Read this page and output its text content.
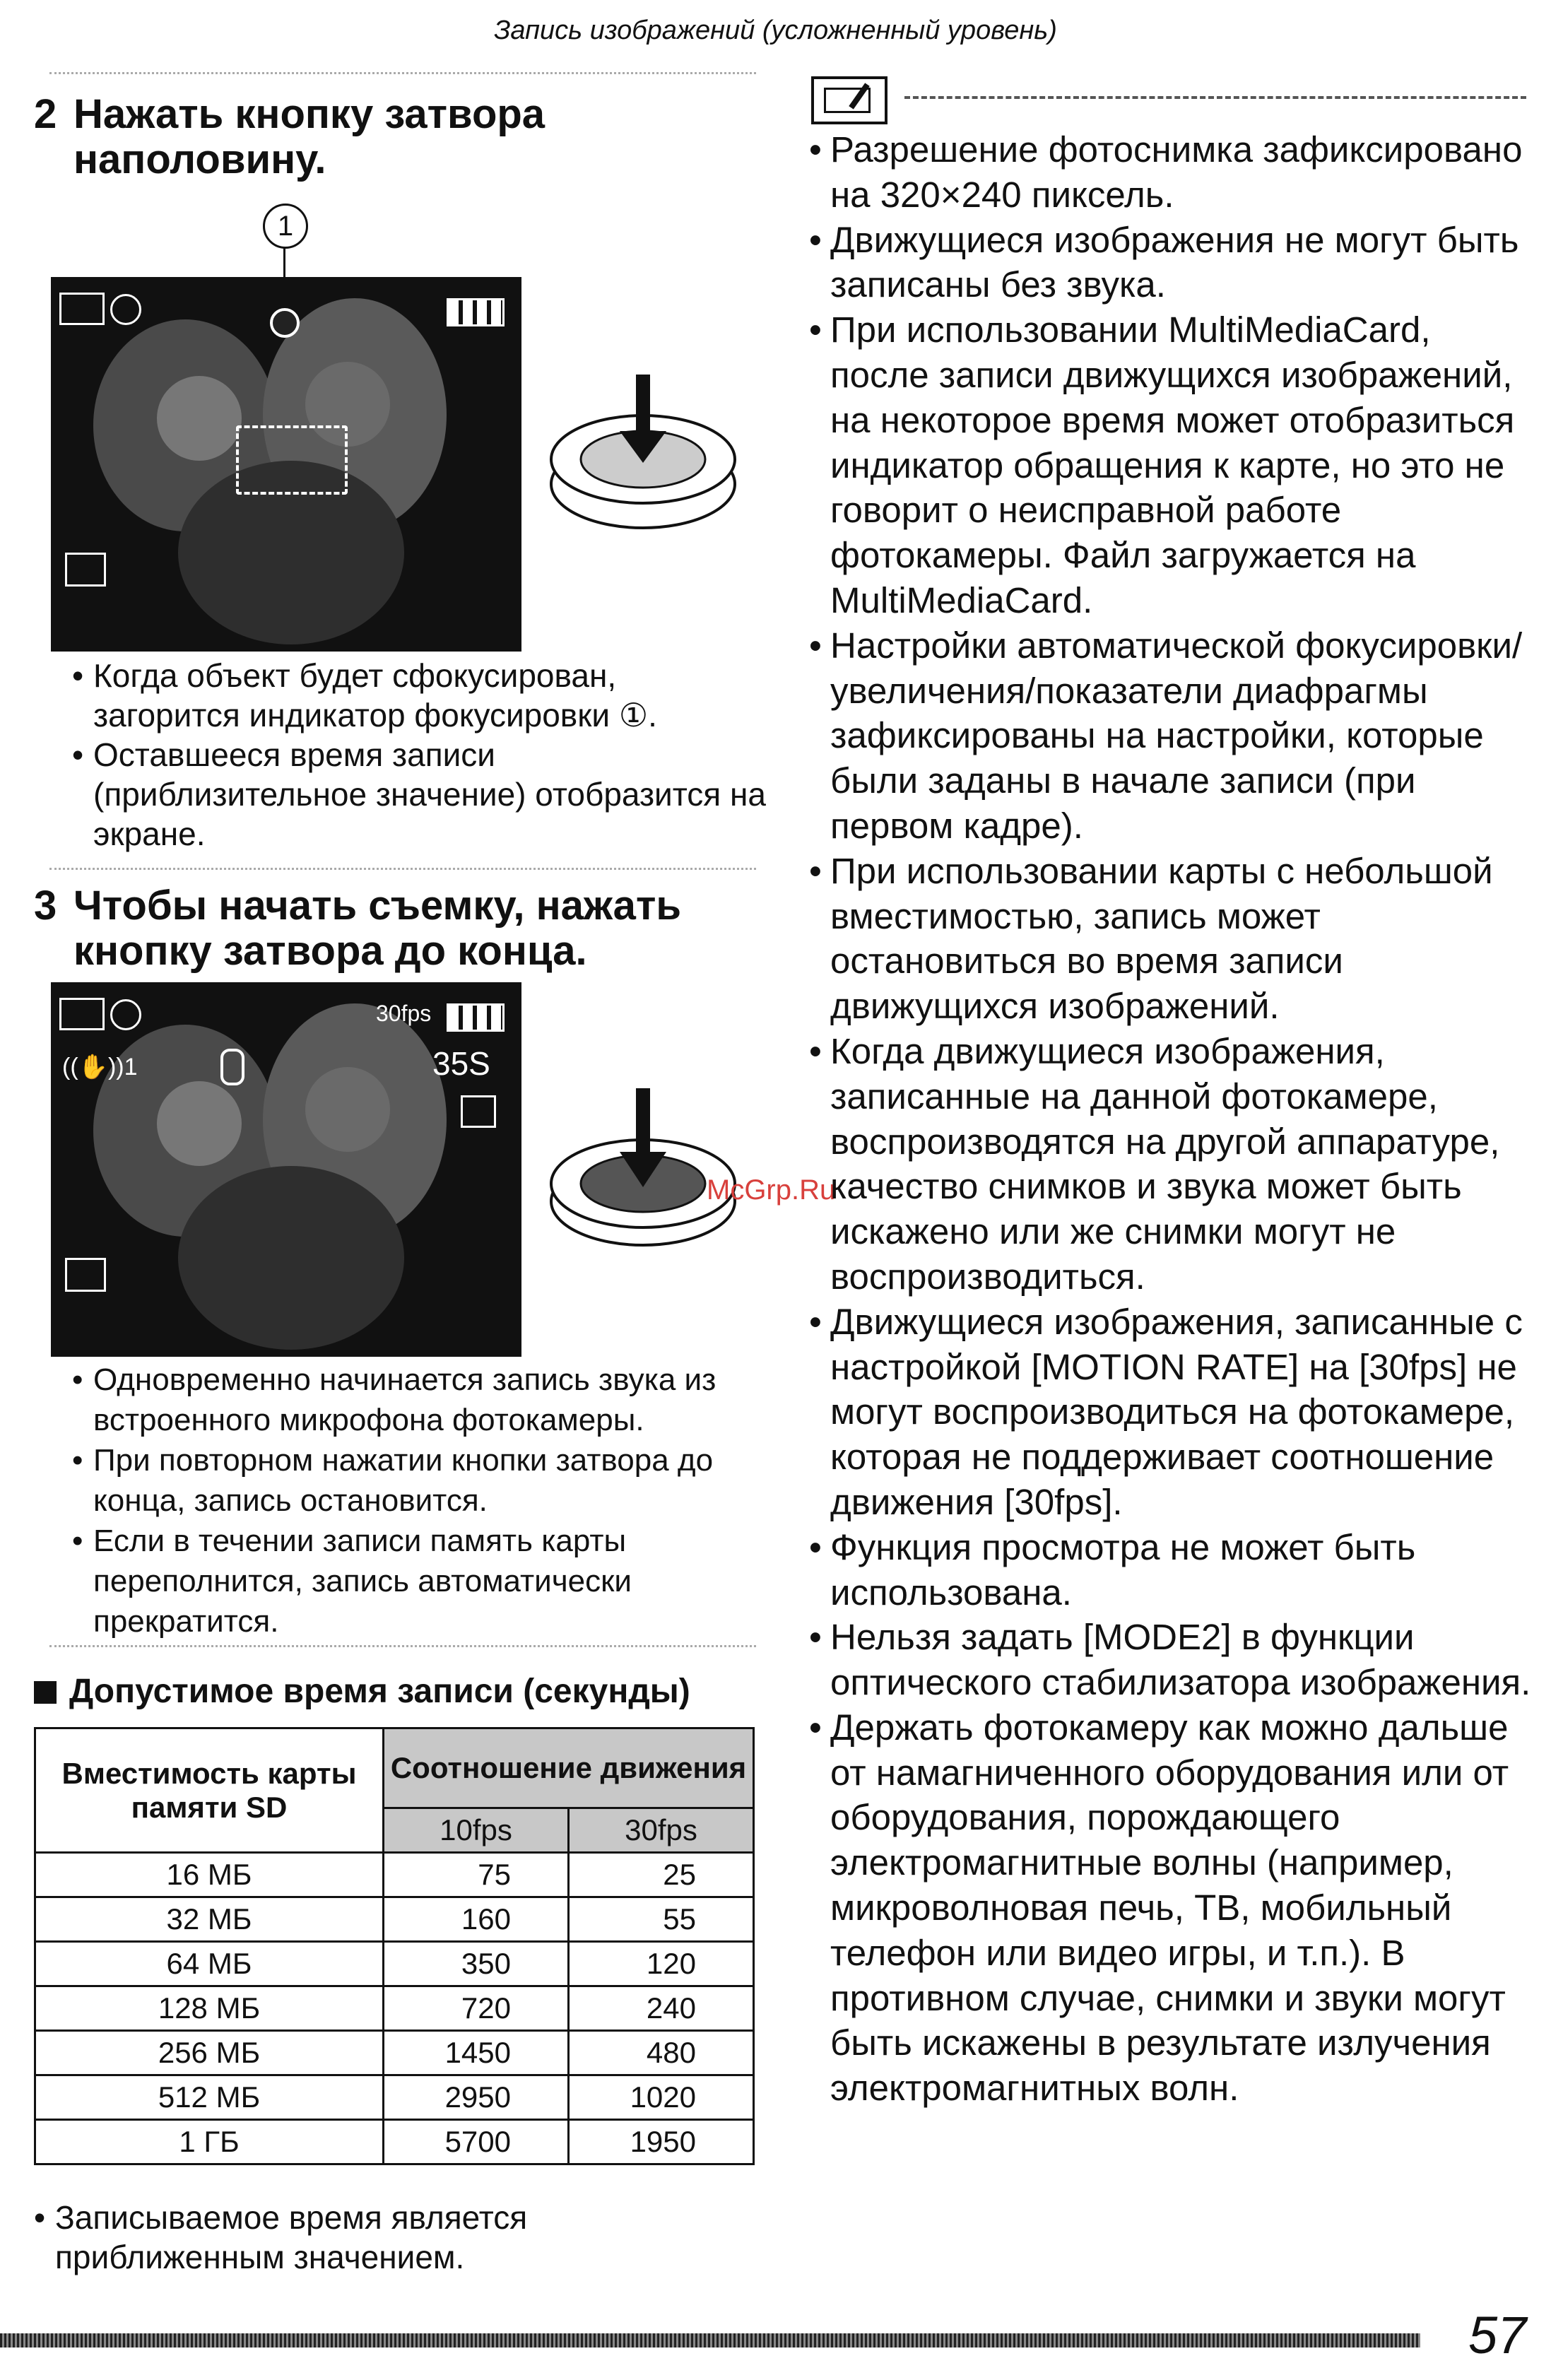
Запись изображений (усложненный уровень)
2 Нажать кнопку затвора наполовину.
1
• Когда объект будет сфокусирован, загорится индикатор фокусировки ①.
• Оставшееся время записи (приблизительное значение) отобразится на экране.
3 Чтобы начать съемку, нажать кнопку затвора до конца.
30fps
((✋))1	35S
McGrp.Ru
• Одновременно начинается запись звука из встроенного микрофона фотокамеры.
• При повторном нажатии кнопки затвора до конца, запись остановится.
• Если в течении записи память карты переполнится, запись автоматически прекратится.
Допустимое время записи (секунды)
Вместимость карты памяти SD	Соотношение движения	
	10fps	30fps
16 МБ	75	25
32 МБ	160	55
64 МБ	350	120
128 МБ	720	240
256 МБ	1450	480
512 МБ	2950	1020
1 ГБ	5700	1950
• Записываемое время является приближенным значением.
• Разрешение фотоснимка зафиксировано на 320×240 пиксель.
• Движущиеся изображения не могут быть записаны без звука.
• При использовании MultiMediaCard, после записи движущихся изображений, на некоторое время может отобразиться индикатор обращения к карте, но это не говорит о неисправной работе фотокамеры. Файл загружается на MultiMediaCard.
• Настройки автоматической фокусировки/увеличения/показатели диафрагмы зафиксированы на настройки, которые были заданы в начале записи (при первом кадре).
• При использовании карты с небольшой вместимостью, запись может остановиться во время записи движущихся изображений.
• Когда движущиеся изображения, записанные на данной фотокамере, воспроизводятся на другой аппаратуре, качество снимков и звука может быть искажено или же снимки могут не воспроизводиться.
• Движущиеся изображения, записанные с настройкой [MOTION RATE] на [30fps] не могут воспроизводиться на фотокамере, которая не поддерживает соотношение движения [30fps].
• Функция просмотра не может быть использована.
• Нельзя задать [MODE2] в функции оптического стабилизатора изображения.
• Держать фотокамеру как можно дальше от намагниченного оборудования или от оборудования, порождающего электромагнитные волны (например, микроволновая печь, ТВ, мобильный телефон или видео игры, и т.п.). В противном случае, снимки и звуки могут быть искажены в результате излучения электромагнитных волн.
57
